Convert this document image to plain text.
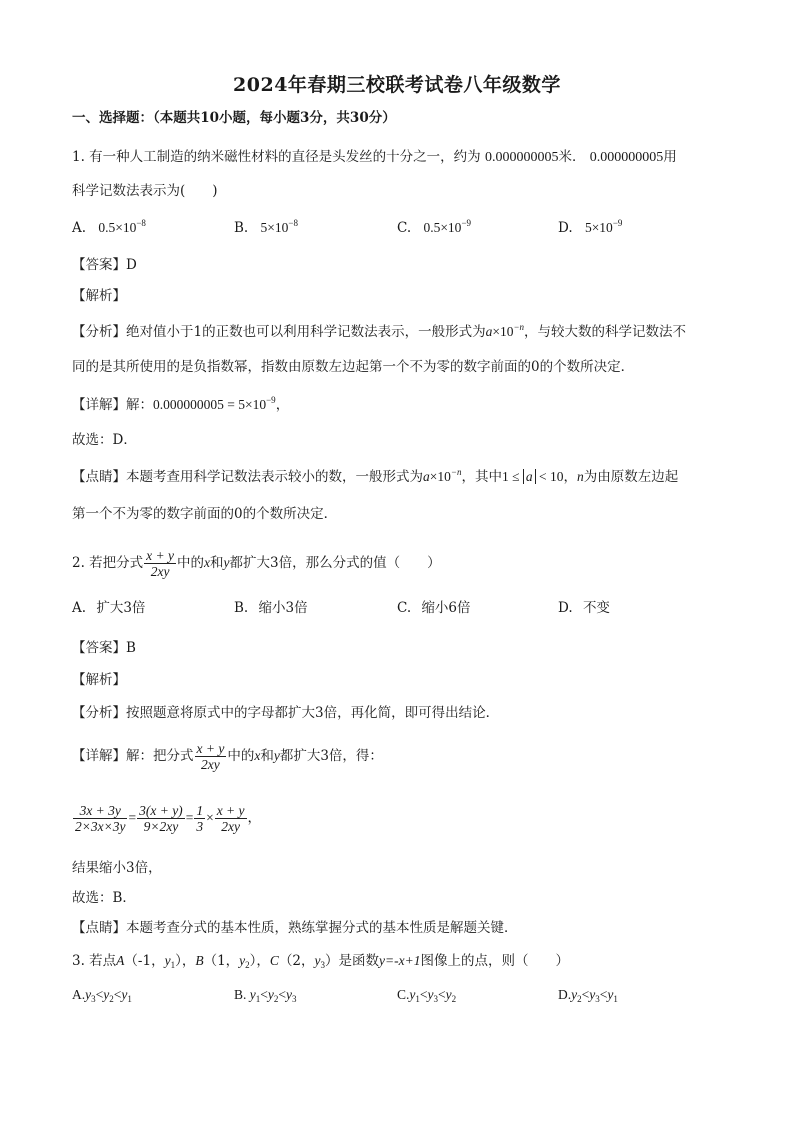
2024年春期三校联考试卷八年级数学
一、选择题：（本题共10小题，每小题3分，共30分）
1. 有一种人工制造的纳米磁性材料的直径是头发丝的十分之一，约为 0.000000005米． 0.000000005用
科学记数法表示为(　　)
A. $0.5\times 10^{-8}$	B. $5\times 10^{-8}$	C. $0.5\times 10^{-9}$	D. $5\times 10^{-9}$
【答案】D
【解析】
【分析】绝对值小于1的正数也可以利用科学记数法表示，一般形式为$a\times 10^{-n}$，与较大数的科学记数法不
同的是其所使用的是负指数幂，指数由原数左边起第一个不为零的数字前面的0的个数所决定．
【详解】解：$0.000000005 = 5\times 10^{-9}$，
故选：D．
【点睛】本题考查用科学记数法表示较小的数，一般形式为$a\times 10^{-n}$，其中1 ≤ a < 10，n为由原数左边起
第一个不为零的数字前面的0的个数所决定．
2. 若把分式 $\frac{x + y}{2xy}$ 中的x和y都扩大3倍，那么分式的值（　　）
A. 扩大3倍	B. 缩小3倍	C. 缩小6倍	D. 不变
【答案】B
【解析】
【分析】按照题意将原式中的字母都扩大3倍，再化简，即可得出结论．
【详解】解：把分式 $\frac{x + y}{2xy}$ 中的x和y都扩大3倍，得：
$\frac{3x + 3y}{2\times 3x\times 3y} = \frac{3(x + y)}{9\times 2xy} = \frac{1}{3} \times \frac{x + y}{2xy}$ ，
结果缩小3倍，
故选：B．
【点睛】本题考查分式的基本性质，熟练掌握分式的基本性质是解题关键．
3. 若点A（-1，$y_1$），B（1，$y_2$），C（2，$y_3$）是函数y=-x+1图像上的点，则（　　）
$A.y_3<y_2<y_1$	B. $y_1<y_2<y_3$	$C.y_1<y_3<y_2$	$D.y_2<y_3<y_1$
